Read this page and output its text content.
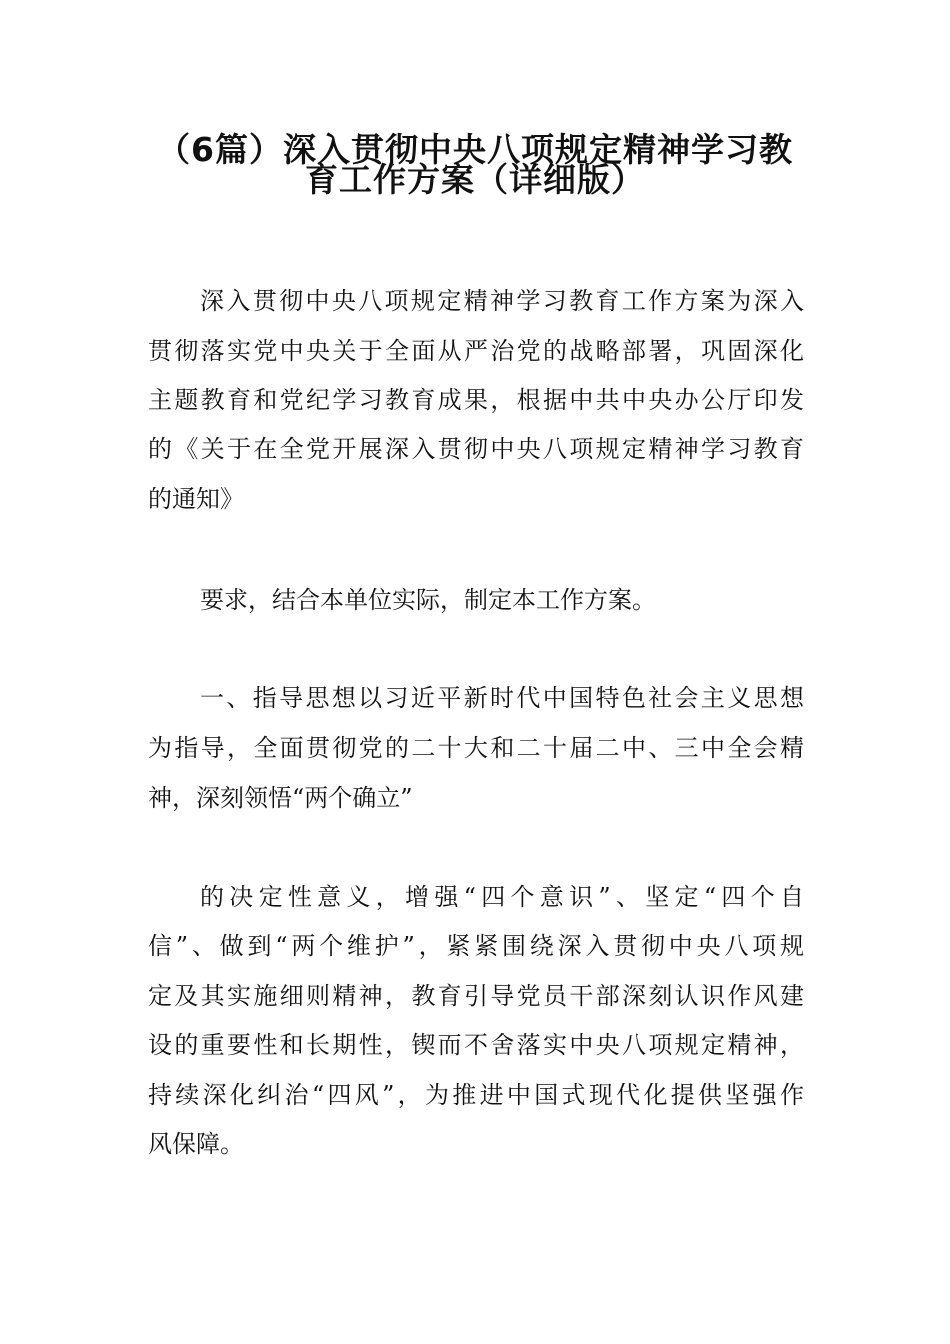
（6篇）深入贯彻中央八项规定精神学习教
育工作方案（详细版）
深入贯彻中央八项规定精神学习教育工作方案为深入
贯彻落实党中央关于全面从严治党的战略部署，巩固深化
主题教育和党纪学习教育成果，根据中共中央办公厅印发
的《关于在全党开展深入贯彻中央八项规定精神学习教育
的通知》
要求，结合本单位实际，制定本工作方案。
一、指导思想以习近平新时代中国特色社会主义思想
为指导，全面贯彻党的二十大和二十届二中、三中全会精
神，深刻领悟“两个确立”
的决定性意义，增强“四个意识”、坚定“四个自
信”、做到“两个维护”，紧紧围绕深入贯彻中央八项规
定及其实施细则精神，教育引导党员干部深刻认识作风建
设的重要性和长期性，锲而不舍落实中央八项规定精神，
持续深化纠治“四风”，为推进中国式现代化提供坚强作
风保障。
